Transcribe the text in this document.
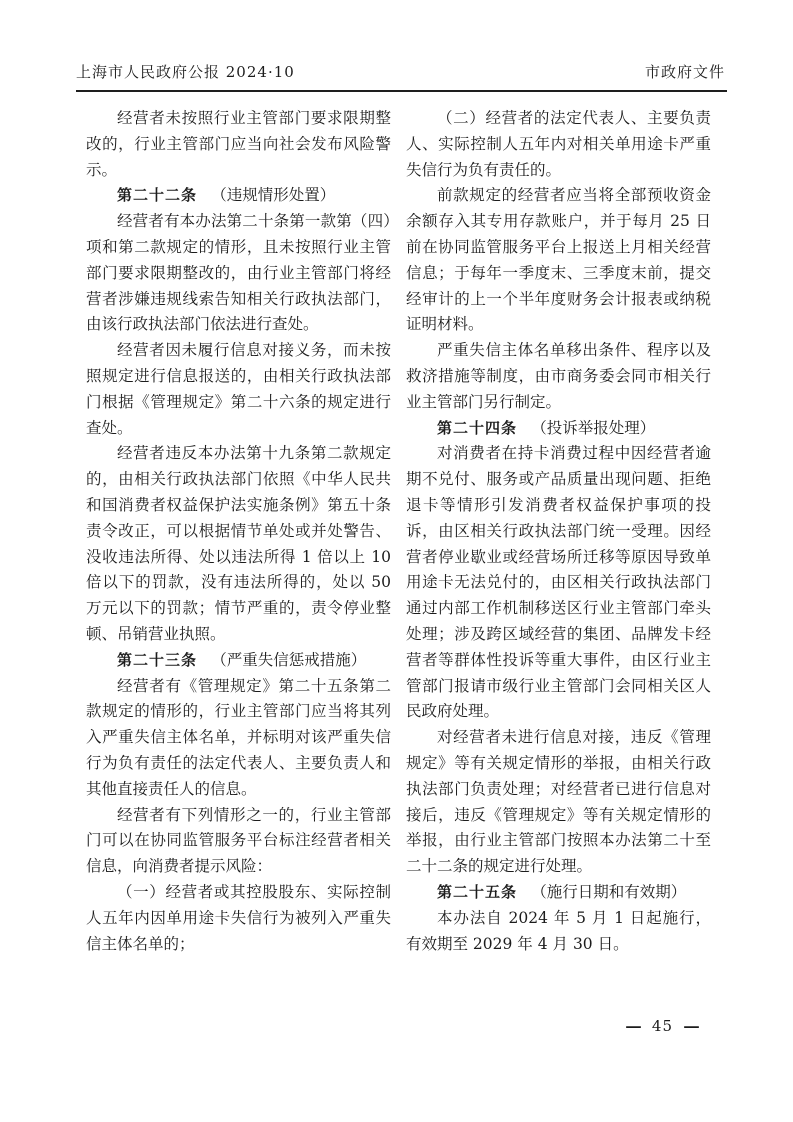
上海市人民政府公报 2024·10	市政府文件

经营者未按照行业主管部门要求限期整改的，行业主管部门应当向社会发布风险警示。

第二十二条 （违规情形处置）

经营者有本办法第二十条第一款第（四）项和第二款规定的情形，且未按照行业主管部门要求限期整改的，由行业主管部门将经营者涉嫌违规线索告知相关行政执法部门，由该行政执法部门依法进行查处。

经营者因未履行信息对接义务，而未按照规定进行信息报送的，由相关行政执法部门根据《管理规定》第二十六条的规定进行查处。

经营者违反本办法第十九条第二款规定的，由相关行政执法部门依照《中华人民共和国消费者权益保护法实施条例》第五十条责令改正，可以根据情节单处或并处警告、没收违法所得、处以违法所得 1 倍以上 10 倍以下的罚款，没有违法所得的，处以 50 万元以下的罚款；情节严重的，责令停业整顿、吊销营业执照。

第二十三条 （严重失信惩戒措施）

经营者有《管理规定》第二十五条第二款规定的情形的，行业主管部门应当将其列入严重失信主体名单，并标明对该严重失信行为负有责任的法定代表人、主要负责人和其他直接责任人的信息。

经营者有下列情形之一的，行业主管部门可以在协同监管服务平台标注经营者相关信息，向消费者提示风险：

（一）经营者或其控股股东、实际控制人五年内因单用途卡失信行为被列入严重失信主体名单的；

（二）经营者的法定代表人、主要负责人、实际控制人五年内对相关单用途卡严重失信行为负有责任的。

前款规定的经营者应当将全部预收资金余额存入其专用存款账户，并于每月 25 日前在协同监管服务平台上报送上月相关经营信息；于每年一季度末、三季度末前，提交经审计的上一个半年度财务会计报表或纳税证明材料。

严重失信主体名单移出条件、程序以及救济措施等制度，由市商务委会同市相关行业主管部门另行制定。

第二十四条 （投诉举报处理）

对消费者在持卡消费过程中因经营者逾期不兑付、服务或产品质量出现问题、拒绝退卡等情形引发消费者权益保护事项的投诉，由区相关行政执法部门统一受理。因经营者停业歇业或经营场所迁移等原因导致单用途卡无法兑付的，由区相关行政执法部门通过内部工作机制移送区行业主管部门牵头处理；涉及跨区域经营的集团、品牌发卡经营者等群体性投诉等重大事件，由区行业主管部门报请市级行业主管部门会同相关区人民政府处理。

对经营者未进行信息对接，违反《管理规定》等有关规定情形的举报，由相关行政执法部门负责处理；对经营者已进行信息对接后，违反《管理规定》等有关规定情形的举报，由行业主管部门按照本办法第二十至二十二条的规定进行处理。

第二十五条 （施行日期和有效期）

本办法自 2024 年 5 月 1 日起施行，有效期至 2029 年 4 月 30 日。

— 45 —
